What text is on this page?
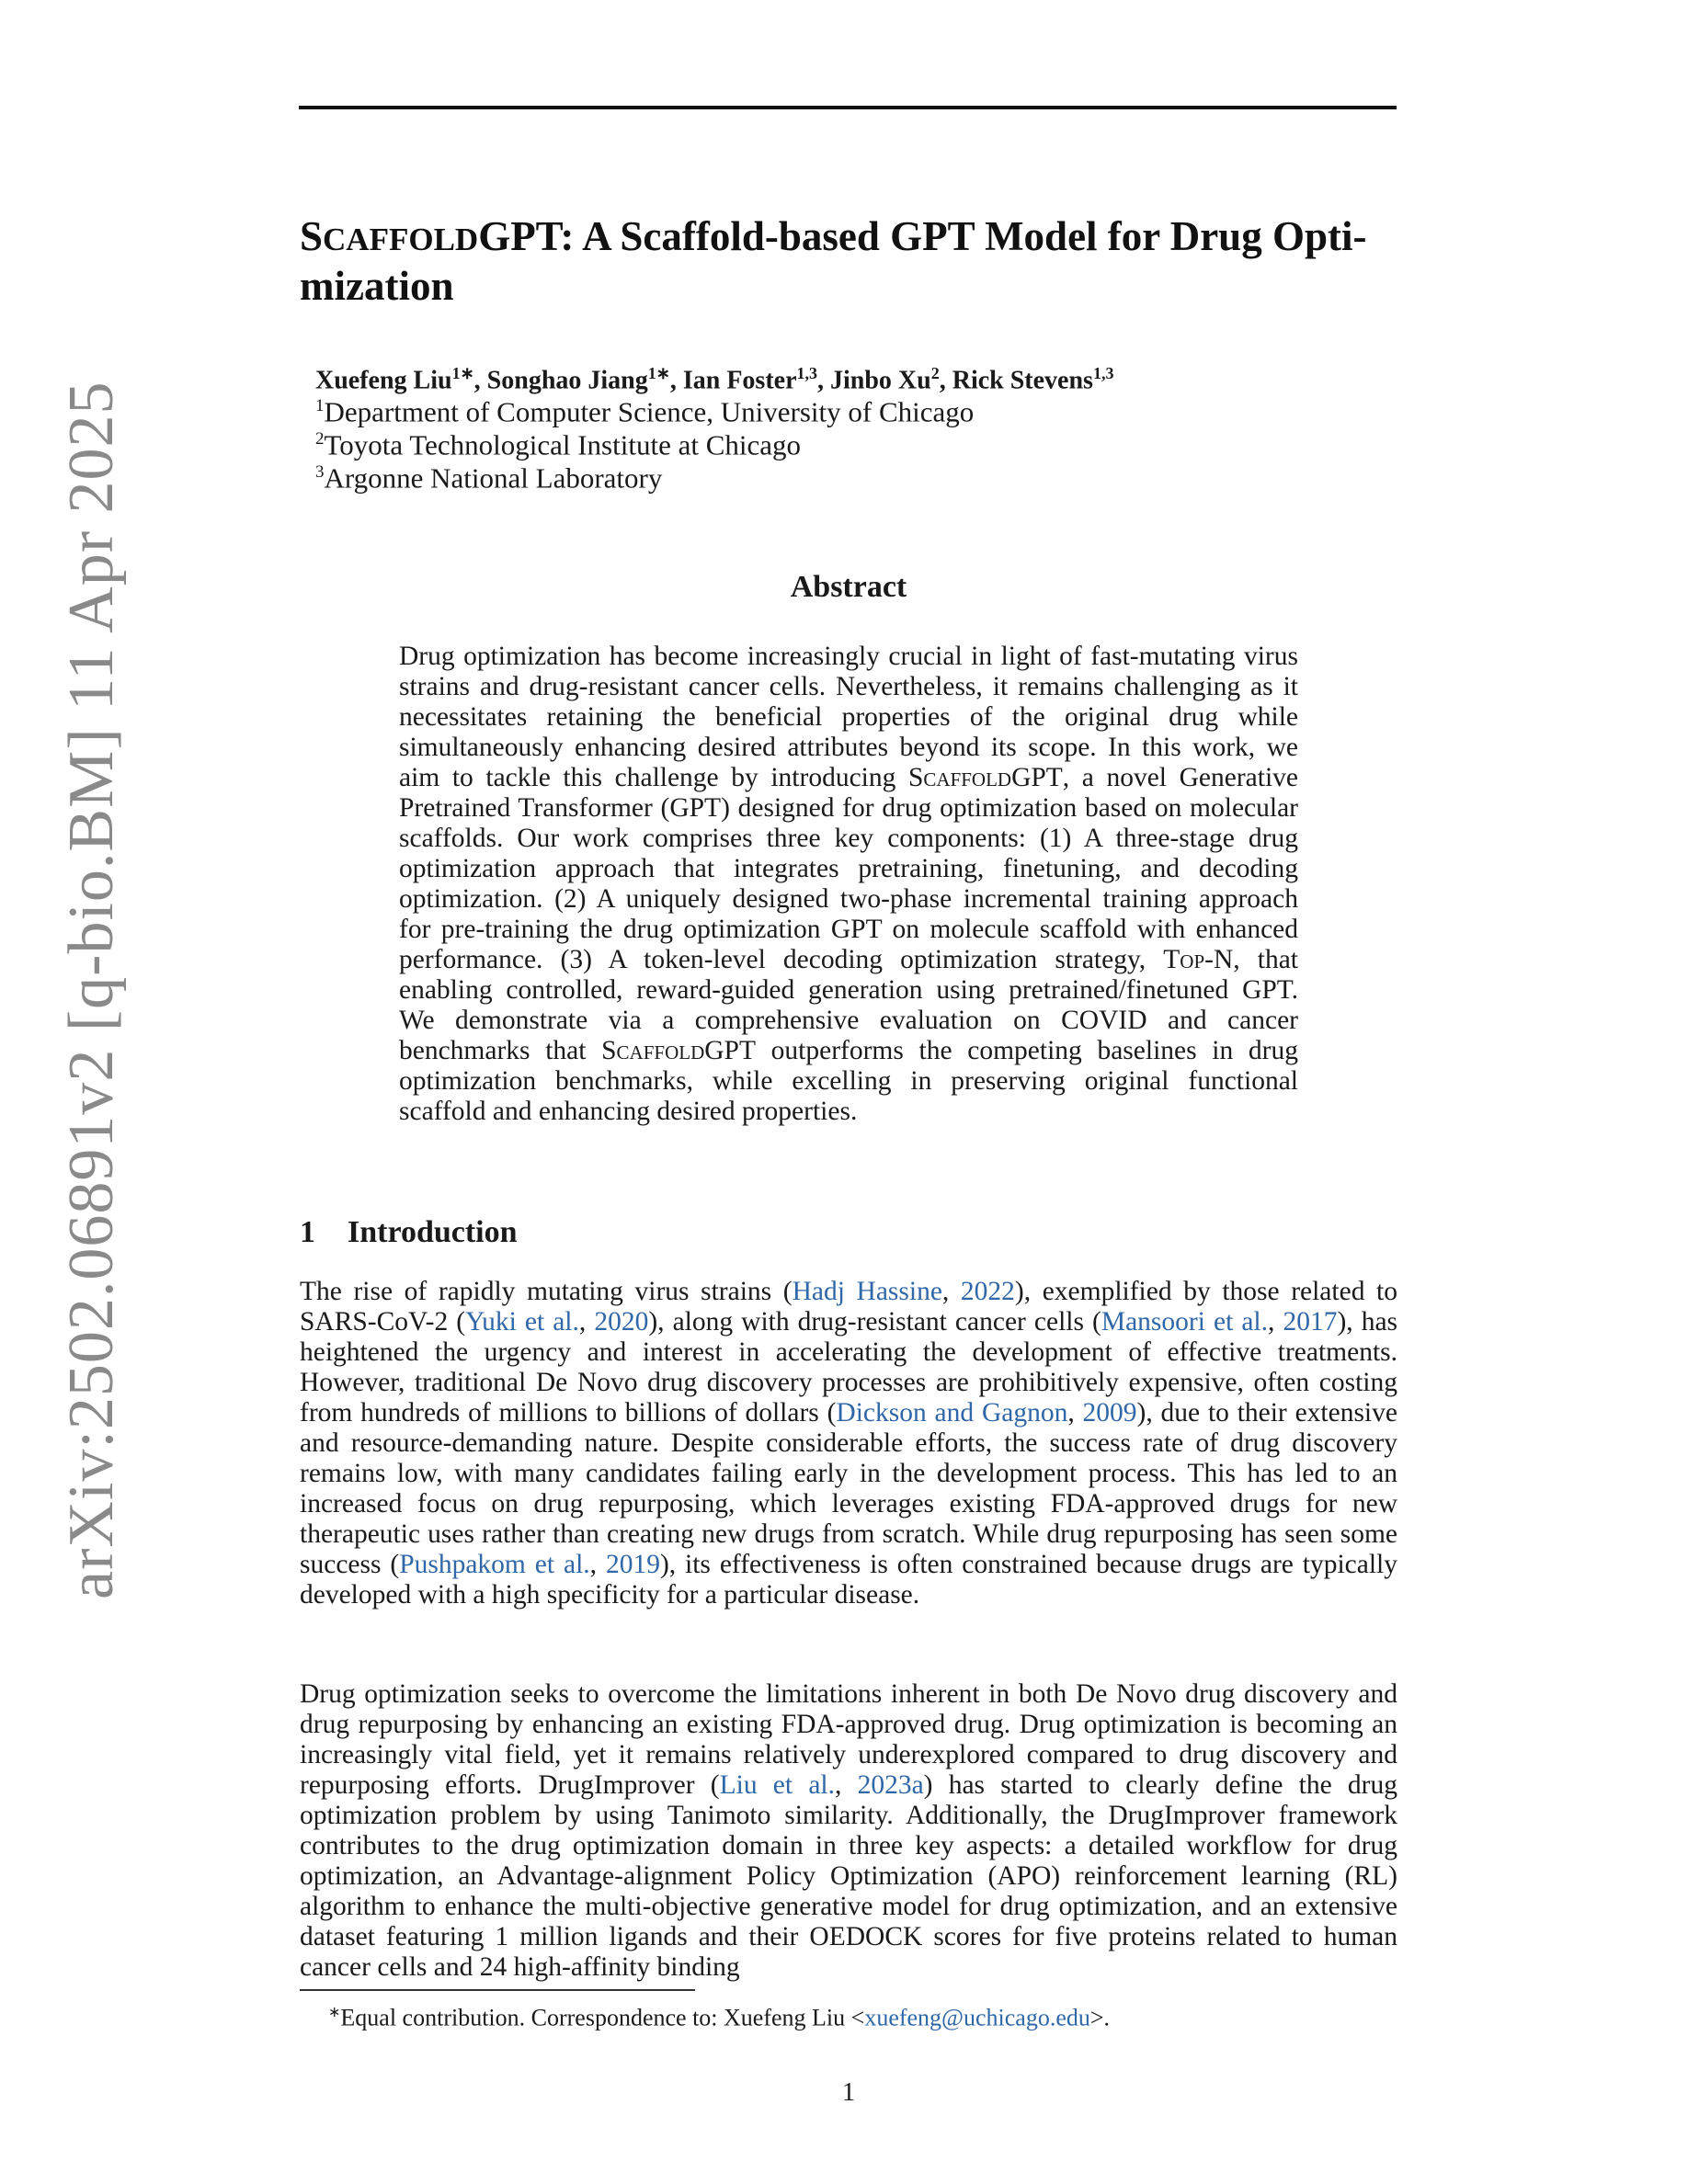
arXiv:2502.06891v2 [q-bio.BM] 11 Apr 2025
SCAFFOLDGPT: A Scaffold-based GPT Model for Drug Opti-
mization
Xuefeng Liu$^{1∗}$, Songhao Jiang$^{1∗}$, Ian Foster$^{1,3}$, Jinbo Xu$^2$, Rick Stevens$^{1,3}$
$^1$Department of Computer Science, University of Chicago
$^2$Toyota Technological Institute at Chicago
$^3$Argonne National Laboratory
Abstract

Drug optimization has become increasingly crucial in light of fast-mutating virus strains and drug-resistant cancer cells. Nevertheless, it remains challenging as it necessitates retaining the beneficial properties of the original drug while simultaneously enhancing desired attributes beyond its scope. In this work, we aim to tackle this challenge by introducing ScaffoldGPT, a novel Generative Pretrained Transformer (GPT) designed for drug optimization based on molecular scaffolds. Our work comprises three key components: (1) A three-stage drug optimization approach that integrates pretraining, finetuning, and decoding optimization. (2) A uniquely designed two-phase incremental training approach for pre-training the drug optimization GPT on molecule scaffold with enhanced performance. (3) A token-level decoding optimization strategy, Top-N, that enabling controlled, reward-guided generation using pretrained/finetuned GPT. We demonstrate via a comprehensive evaluation on COVID and cancer benchmarks that ScaffoldGPT outperforms the competing baselines in drug optimization benchmarks, while excelling in preserving original functional scaffold and enhancing desired properties.

1 Introduction

The rise of rapidly mutating virus strains (Hadj Hassine, 2022), exemplified by those related to SARS-CoV-2 (Yuki et al., 2020), along with drug-resistant cancer cells (Mansoori et al., 2017), has heightened the urgency and interest in accelerating the development of effective treatments. However, traditional De Novo drug discovery processes are prohibitively expensive, often costing from hundreds of millions to billions of dollars (Dickson and Gagnon, 2009), due to their extensive and resource-demanding nature. Despite considerable efforts, the success rate of drug discovery remains low, with many candidates failing early in the development process. This has led to an increased focus on drug repurposing, which leverages existing FDA-approved drugs for new therapeutic uses rather than creating new drugs from scratch. While drug repurposing has seen some success (Pushpakom et al., 2019), its effectiveness is often constrained because drugs are typically developed with a high specificity for a particular disease.

Drug optimization seeks to overcome the limitations inherent in both De Novo drug discovery and drug repurposing by enhancing an existing FDA-approved drug. Drug optimization is becoming an increasingly vital field, yet it remains relatively underexplored compared to drug discovery and repurposing efforts. DrugImprover (Liu et al., 2023a) has started to clearly define the drug optimization problem by using Tanimoto similarity. Additionally, the DrugImprover framework contributes to the drug optimization domain in three key aspects: a detailed workflow for drug optimization, an Advantage-alignment Policy Optimization (APO) reinforcement learning (RL) algorithm to enhance the multi-objective generative model for drug optimization, and an extensive dataset featuring 1 million ligands and their OEDOCK scores for five proteins related to human cancer cells and 24 high-affinity binding

∗Equal contribution. Correspondence to: Xuefeng Liu <xuefeng@uchicago.edu>.
1
